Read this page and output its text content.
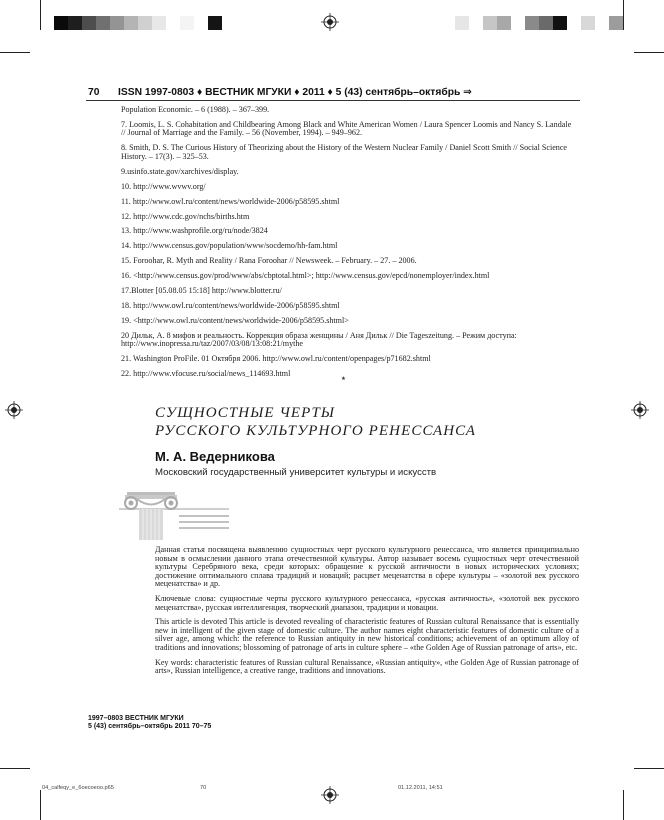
70 ISSN 1997-0803 ♦ ВЕСТНИК МГУКИ ♦ 2011 ♦ 5 (43) сентябрь–октябрь ⇒
Population Economic. – 6 (1988). – 367–399.
7. Loomis, L. S. Cohabitation and Childbearing Among Black and White American Women / Laura Spencer Loomis and Nancy S. Landale // Journal of Marriage and the Family. – 56 (November, 1994). – 949–962.
8. Smith, D. S. The Curious History of Theorizing about the History of the Western Nuclear Family / Daniel Scott Smith // Social Science History. – 17(3). – 325–53.
9.usinfo.state.gov/xarchives/display.
10. http://www.wvwv.org/
11. http://www.owl.ru/content/news/worldwide-2006/p58595.shtml
12. http://www.cdc.gov/nchs/births.htm
13. http://www.washprofile.org/ru/node/3824
14. http://www.census.gov/population/www/socdemo/hh-fam.html
15. Foroohar, R. Myth and Reality / Rana Foroohar // Newsweek. – February. – 27. – 2006.
16. <http://www.census.gov/prod/www/abs/cbptotal.html>; http://www.census.gov/epcd/nonemployer/index.html
17.Blotter [05.08.05 15:18] http://www.blotter.ru/
18. http://www.owl.ru/content/news/worldwide-2006/p58595.shtml
19. <http://www.owl.ru/content/news/worldwide-2006/p58595.shtml>
20 Дильк, А. 8 мифов и реальность. Коррекция образа женщины / Аня Дильк // Die Tageszeitung. – Режим доступа: http://www.inopressa.ru/taz/2007/03/08/13:08:21/mythe
21. Washington ProFile. 01 Октября 2006. http://www.owl.ru/content/openpages/p71682.shtml
22. http://www.vfocuse.ru/social/news_114693.html
⭑
СУЩНОСТНЫЕ ЧЕРТЫ
РУССКОГО КУЛЬТУРНОГО РЕНЕССАНСА
М. А. Ведерникова
Московский государственный университет культуры и искусств

Данная статья посвящена выявлению сущностных черт русского культурного ренессанса, что является принципиально новым в осмыслении данного этапа отечественной культуры. Автор называет восемь сущностных черт отечественной культуры Серебряного века, среди которых: обращение к русской античности в новых исторических условиях; достижение оптимального сплава традиций и новаций; расцвет меценатства в сфере культуры – «золотой век русского меценатства» и др.

Ключевые слова: сущностные черты русского культурного ренессанса, «русская античность», «золотой век русского меценатства», русская интеллигенция, творческий диапазон, традиции и новации.

This article is devoted This article is devoted revealing of characteristic features of Russian cultural Renaissance that is essentially new in intelligent of the given stage of domestic culture. The author names eight characteristic features of domestic culture of a silver age, among which: the reference to Russian antiquity in new historical conditions; achievement of an optimum alloy of traditions and innovations; blossoming of patronage of arts in culture sphere – «the Golden Age of Russian patronage of arts», etc.

Key words: characteristic features of Russian cultural Renaissance, «Russian antiquity», «the Golden Age of Russian patronage of arts», Russian intelligence, a creative range, traditions and innovations.

1997–0803 ВЕСТНИК МГУКИ
5 (43) сентябрь–октябрь 2011 70–75
04_calfeqy_e_6oecoeoo.p65	70	01.12.2011, 14:51
